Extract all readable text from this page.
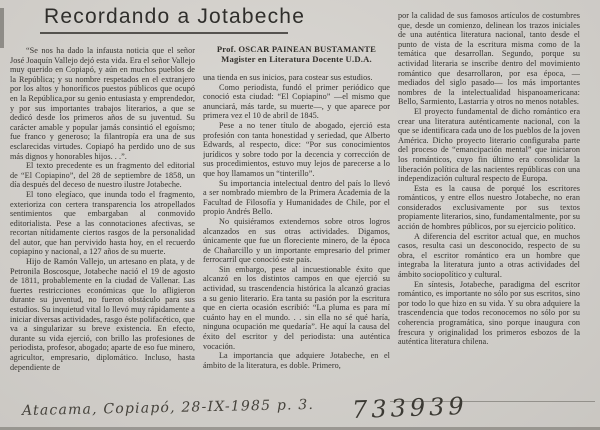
Recordando a Jotabeche

“Se nos ha dado la infausta noticia que el señor José Joaquín Vallejo dejó esta vida. Era el señor Vallejo muy querido en Copiapó, y aún en muchos pueblos de la República; y su nombre respetados en el extranjero por los altos y honoríficos puestos públicos que ocupó en la República,por su genio entusiasta y emprendedor, y por sus importantes trabajos literarios, a que se dedicó desde los primeros años de su juventud. Su carácter amable y popular jamás consintió el egoísmo; fue franco y generoso; la filantropía era una de sus esclarecidas virtudes. Copiapó ha perdido uno de sus más dignos y honorables hijos. . .”.

El texto precedente es un fragmento del editorial de “El Copiapino”, del 28 de septiembre de 1858, un día después del deceso de nuestro ilustre Jotabeche.

El tono elegíaco, que inunda todo el fragmento, exterioriza con certera transparencia los atropellados sentimientos que embargaban al conmovido editorialista. Pese a las connotaciones afectivas, se recortan nítidamente ciertos rasgos de la personalidad del autor, que han pervivido hasta hoy, en el recuerdo copiapino y nacional, a 127 años de su muerte.

Hijo de Ramón Vallejo, un artesano en plata, y de Petronila Boscosque, Jotabeche nació el 19 de agosto de 1811, probablemente en la ciudad de Vallenar. Las fuertes restricciones económicas que lo afligieron durante su juventud, no fueron obstáculo para sus estudios. Su inquietud vital lo llevó muy rápidamente a iniciar diversas actividades, rasgo éste polifacético, que va a singularizar su breve existencia. En efecto, durante su vida ejerció, con brillo las profesiones de periodista, profesor, abogado; aparte de eso fue minero, agricultor, empresario, diplomático. Incluso, hasta dependiente de

Prof. OSCAR PAINEAN BUSTAMANTE
Magister en Literatura Docente U.D.A.

una tienda en sus inicios, para costear sus estudios.

Como periodista, fundó el primer periódico que conoció esta ciudad: “El Copiapino” —el mismo que anunciará, más tarde, su muerte—, y que aparece por primera vez el 10 de abril de 1845.

Pese a no tener título de abogado, ejerció esta profesión con tanta honestidad y seriedad, que Alberto Edwards, al respecto, dice: “Por sus conocimientos jurídicos y sobre todo por la decencia y corrección de sus procedimientos, estuvo muy lejos de parecerse a lo que hoy llamamos un “tinterillo”.

Su importancia intelectual dentro del país lo llevó a ser nombrado miembro de la Primera Academia de la Facultad de Filosofía y Humanidades de Chile, por el propio Andrés Bello.

No quisiéramos extendernos sobre otros logros alcanzados en sus otras actividades. Digamos, únicamente que fue un floreciente minero, de la época de Chañarcillo y un importante empresario del primer ferrocarril que conoció este país.

Sin embargo, pese al incuestionable éxito que alcanzó en los distintos campos en que ejerció su actividad, su trascendencia histórica la alcanzó gracias a su genio literario. Era tanta su pasión por la escritura que en cierta ocasión escribió: “La pluma es para mí cuánto hay en el mundo. . . sin ella no sé qué haría, ninguna ocupación me quedaría”. He aquí la causa del éxito del escritor y del periodista: una auténtica vocación.

La importancia que adquiere Jotabeche, en el ámbito de la literatura, es doble. Primero,

por la calidad de sus famosos artículos de costumbres que, desde un comienzo, delinean los trazos iniciales de una auténtica literatura nacional, tanto desde el punto de vista de la escritura misma como de la temática que desarrollan. Segundo, porque su actividad literaria se inscribe dentro del movimiento romántico que desarrollaron, por esa época, —mediados del siglo pasado— los más importantes nombres de la intelectualidad hispanoamericana: Bello, Sarmiento, Lastarria y otros no menos notables.

El proyecto fundamental de dicho romántico era crear una literatura auténticamente nacional, con la que se identificara cada uno de los pueblos de la joven América. Dicho proyecto literario configuraba parte del proceso de “emancipación mental” que iniciaron los románticos, cuyo fin último era consolidar la liberación política de las nacientes repúblicas con una independización cultural respecto de Europa.

Esta es la causa de porqué los escritores románticos, y entre ellos nuestro Jotabeche, no eran considerados exclusivamente por sus textos propiamente literarios, sino, fundamentalmente, por su acción de hombres públicos, por su ejercicio político.

A diferencia del escritor actual que, en muchos casos, resulta casi un desconocido, respecto de su obra, el escritor romántico era un hombre que integraba la literatura junto a otras actividades del ámbito sociopolítico y cultural.

En síntesis, Jotabeche, paradigma del escritor romántico, es importante no sólo por sus escritos, sino por todo lo que hizo en su vida. Y su obra adquiere la trascendencia que todos reconocemos no sólo por su coherencia programática, sino porque inaugura con frescura y originalidad los primeros esbozos de la auténtica literatura chilena.

Atacama, Copiapó, 28-IX-1985 p. 3. 733939
